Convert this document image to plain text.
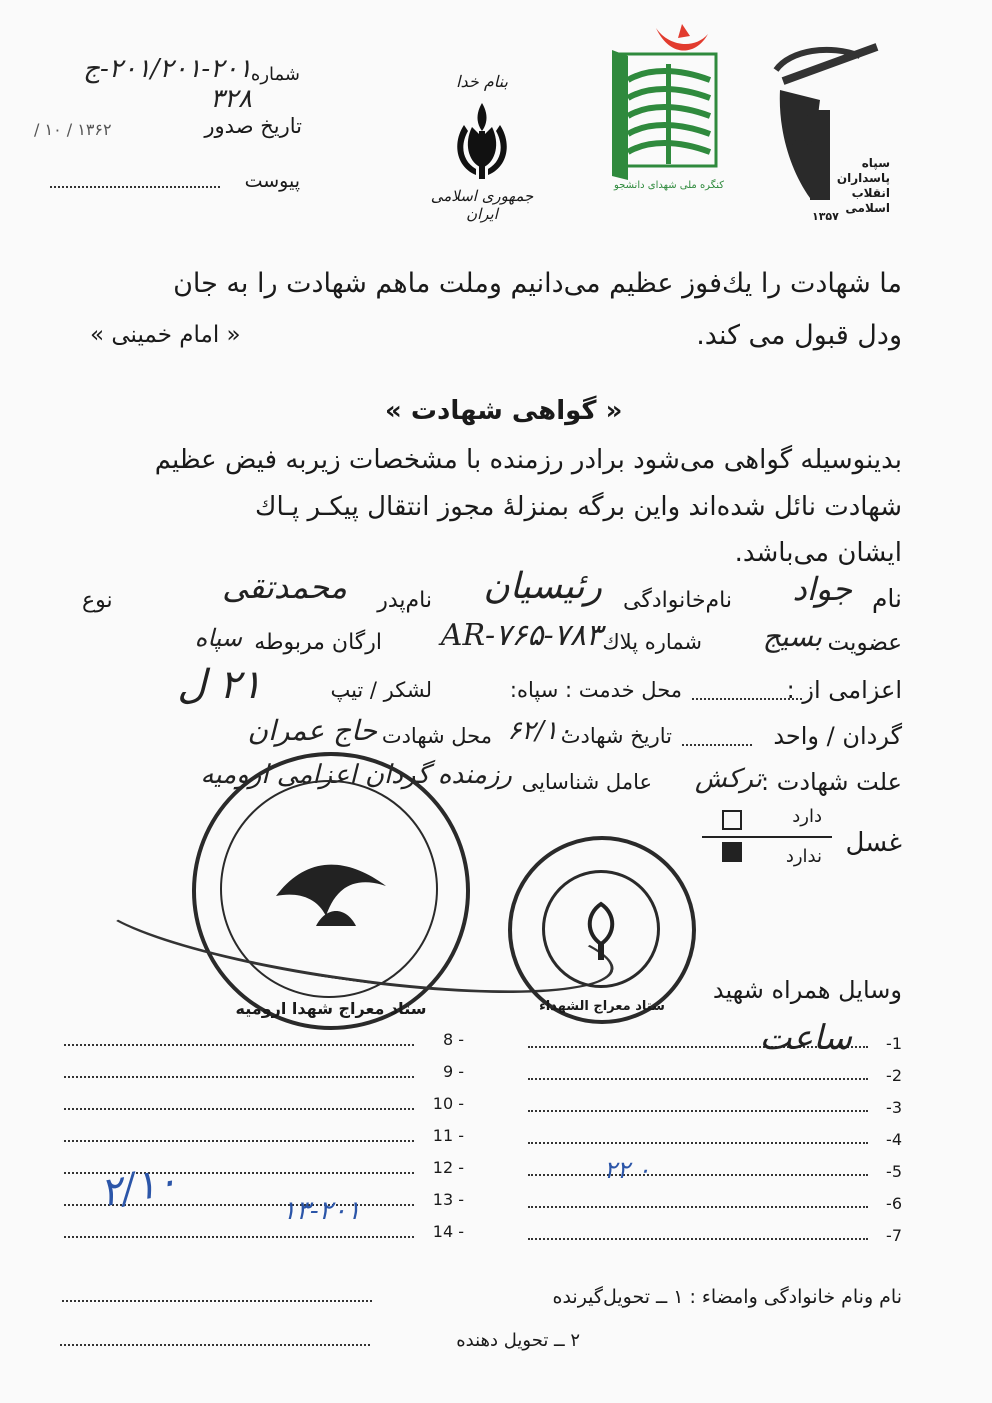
شماره
۲۰۱/۲۰۱-۲۰۱-ج ۳۲۸
تاریخ صدور
۱۳۶۲ / ۱۰ /
پیوست
بنام خدا
جمهوری اسلامی ایران
کنگره ملی شهدای دانشجو
سپاه
پاسداران
انقلاب
اسلامی
۱۳۵۷
ما شهادت را یك‌فوز عظیم می‌دانیم وملت ماهم شهادت را به جان
ودل قبول می کند.
« امام خمینی »
« گواهی شهادت »
بدینوسیله گواهی می‌شود برادر رزمنده با مشخصات زیربه فیض عظیم
شهادت نائل شده‌اند واین برگه بمنزلهٔ مجوز انتقال پیکـر پـاك
ایشان می‌باشد.
نام
جواد
نام‌خانوادگی
رئیسیان
نام‌پدر
محمدتقی
نوع
عضویت
بسیج
شماره پلاك
AR-۷۶۵-۷۸۳
ارگان مربوطه
سپاه
اعزامی از :
محل خدمت : سپاه:
لشکر / تیپ
۲۱ ل
گردان / واحد
تاریخ شهادت
۶۲/۱۰
محل شهادت
حاج عمران
علت شهادت :
ترکش
عامل شناسایی
رزمنده گردان اعزامی ارومیه
غسل
دارد
ندارد
ستاد معراج شهدا ارومیه	ستاد معراج الشهداء
وسایل همراه شهید
-1
ساعت
-2
-3
-4
-5
-6
-7
8 -
9 -
10 -
11 -
12 -
13 -
14 -
۱۳-۲۰۱
۲/۱۰	۲۲ ۰
نام ونام خانوادگی وامضاء : ۱ ــ تحویل‌گیرنده
۲ ــ تحویل دهنده
